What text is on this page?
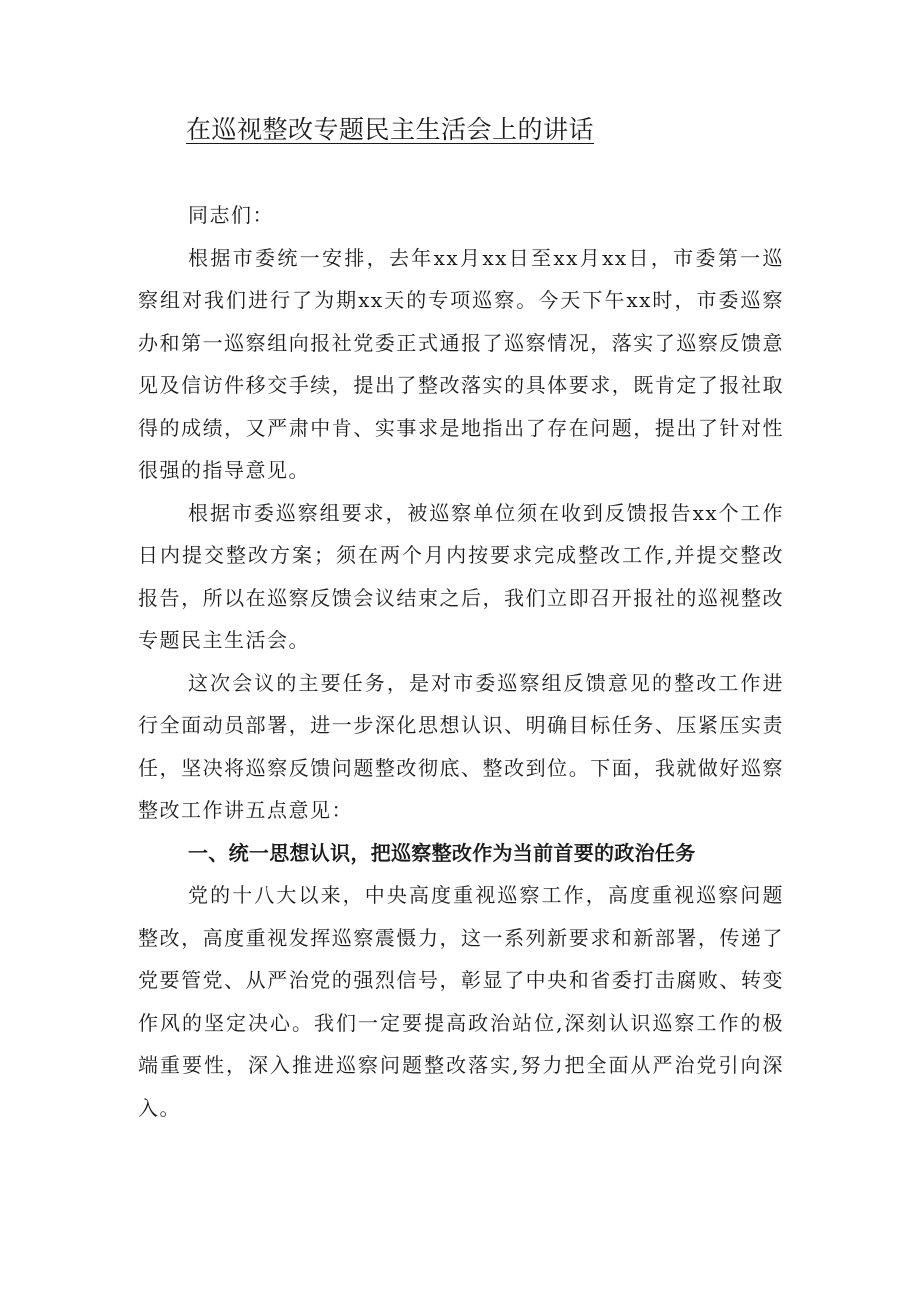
在巡视整改专题民主生活会上的讲话

同志们：

根据市委统一安排，去年xx月xx日至xx月xx日，市委第一巡察组对我们进行了为期xx天的专项巡察。今天下午xx时，市委巡察办和第一巡察组向报社党委正式通报了巡察情况，落实了巡察反馈意见及信访件移交手续，提出了整改落实的具体要求，既肯定了报社取得的成绩，又严肃中肯、实事求是地指出了存在问题，提出了针对性很强的指导意见。

根据市委巡察组要求，被巡察单位须在收到反馈报告xx个工作日内提交整改方案；须在两个月内按要求完成整改工作,并提交整改报告，所以在巡察反馈会议结束之后，我们立即召开报社的巡视整改专题民主生活会。

这次会议的主要任务，是对市委巡察组反馈意见的整改工作进行全面动员部署，进一步深化思想认识、明确目标任务、压紧压实责任，坚决将巡察反馈问题整改彻底、整改到位。下面，我就做好巡察整改工作讲五点意见：

一、统一思想认识，把巡察整改作为当前首要的政治任务

党的十八大以来，中央高度重视巡察工作，高度重视巡察问题整改，高度重视发挥巡察震慑力，这一系列新要求和新部署，传递了党要管党、从严治党的强烈信号，彰显了中央和省委打击腐败、转变作风的坚定决心。我们一定要提高政治站位,深刻认识巡察工作的极端重要性，深入推进巡察问题整改落实,努力把全面从严治党引向深入。
